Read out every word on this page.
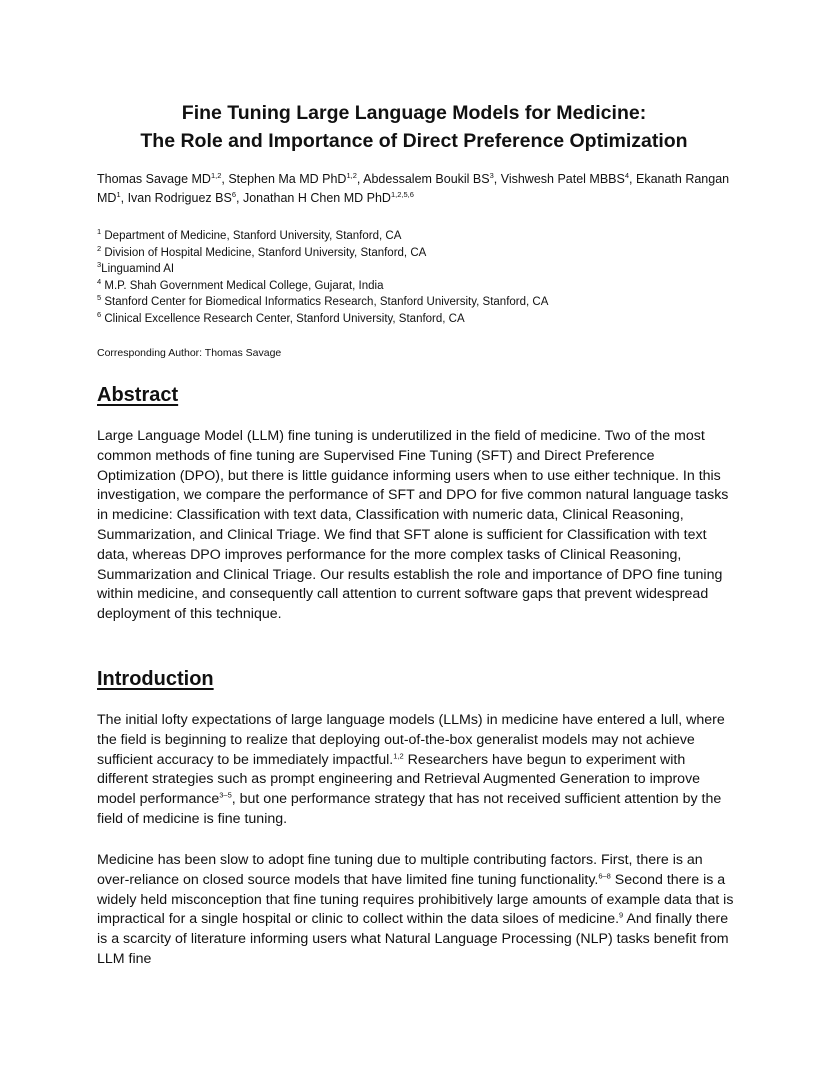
Fine Tuning Large Language Models for Medicine:
The Role and Importance of Direct Preference Optimization
Thomas Savage MD$^{1,2}$, Stephen Ma MD PhD$^{1,2}$, Abdessalem Boukil $BS^3$, Vishwesh Patel MBBS$^4$, Ekanath Rangan $MD^1$, Ivan Rodriguez $BS^6$, Jonathan H Chen MD PhD$^{1,2,5,6}$
$^1$ Department of Medicine, Stanford University, Stanford, CA
$^2$ Division of Hospital Medicine, Stanford University, Stanford, CA
$^3$Linguamind AI
$^4$ M.P. Shah Government Medical College, Gujarat, India
$^5$ Stanford Center for Biomedical Informatics Research, Stanford University, Stanford, CA
$^6$ Clinical Excellence Research Center, Stanford University, Stanford, CA
Corresponding Author: Thomas Savage
Abstract

Large Language Model (LLM) fine tuning is underutilized in the field of medicine. Two of the most common methods of fine tuning are Supervised Fine Tuning (SFT) and Direct Preference Optimization (DPO), but there is little guidance informing users when to use either technique. In this investigation, we compare the performance of SFT and DPO for five common natural language tasks in medicine: Classification with text data, Classification with numeric data, Clinical Reasoning, Summarization, and Clinical Triage. We find that SFT alone is sufficient for Classification with text data, whereas DPO improves performance for the more complex tasks of Clinical Reasoning, Summarization and Clinical Triage. Our results establish the role and importance of DPO fine tuning within medicine, and consequently call attention to current software gaps that prevent widespread deployment of this technique.

Introduction

The initial lofty expectations of large language models (LLMs) in medicine have entered a lull, where the field is beginning to realize that deploying out-of-the-box generalist models may not achieve sufficient accuracy to be immediately impactful.$^{1,2}$ Researchers have begun to experiment with different strategies such as prompt engineering and Retrieval Augmented Generation to improve model performance$^{3-5}$, but one performance strategy that has not received sufficient attention by the field of medicine is fine tuning.

Medicine has been slow to adopt fine tuning due to multiple contributing factors. First, there is an over-reliance on closed source models that have limited fine tuning functionality.$^{6-8}$ Second there is a widely held misconception that fine tuning requires prohibitively large amounts of example data that is impractical for a single hospital or clinic to collect within the data siloes of medicine.$^9$ And finally there is a scarcity of literature informing users what Natural Language Processing (NLP) tasks benefit from LLM fine
